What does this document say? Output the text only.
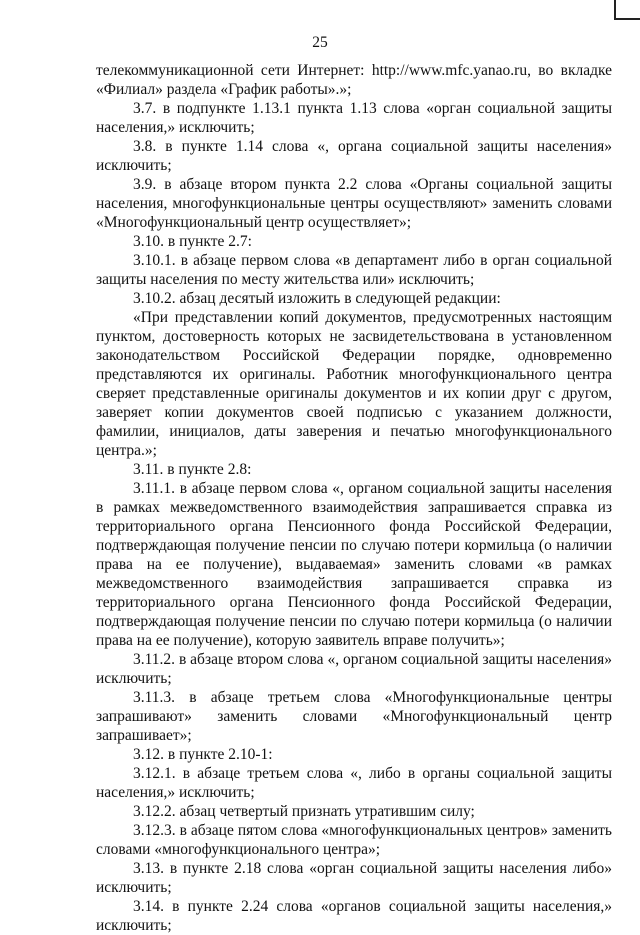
25

телекоммуникационной сети Интернет: http://www.mfc.yanao.ru, во вкладке «Филиал» раздела «График работы».»;

3.7. в подпункте 1.13.1 пункта 1.13 слова «орган социальной защиты населения,» исключить;

3.8. в пункте 1.14 слова «, органа социальной защиты населения» исключить;

3.9. в абзаце втором пункта 2.2 слова «Органы социальной защиты населения, многофункциональные центры осуществляют» заменить словами «Многофункциональный центр осуществляет»;

3.10. в пункте 2.7:

3.10.1. в абзаце первом слова «в департамент либо в орган социальной защиты населения по месту жительства или» исключить;

3.10.2. абзац десятый изложить в следующей редакции:

«При представлении копий документов, предусмотренных настоящим пунктом, достоверность которых не засвидетельствована в установленном законодательством Российской Федерации порядке, одновременно представляются их оригиналы. Работник многофункционального центра сверяет представленные оригиналы документов и их копии друг с другом, заверяет копии документов своей подписью с указанием должности, фамилии, инициалов, даты заверения и печатью многофункционального центра.»;

3.11. в пункте 2.8:

3.11.1. в абзаце первом слова «, органом социальной защиты населения в рамках межведомственного взаимодействия запрашивается справка из территориального органа Пенсионного фонда Российской Федерации, подтверждающая получение пенсии по случаю потери кормильца (о наличии права на ее получение), выдаваемая» заменить словами «в рамках межведомственного взаимодействия запрашивается справка из территориального органа Пенсионного фонда Российской Федерации, подтверждающая получение пенсии по случаю потери кормильца (о наличии права на ее получение), которую заявитель вправе получить»;

3.11.2. в абзаце втором слова «, органом социальной защиты населения» исключить;

3.11.3. в абзаце третьем слова «Многофункциональные центры запрашивают» заменить словами «Многофункциональный центр запрашивает»;

3.12. в пункте 2.10-1:

3.12.1. в абзаце третьем слова «, либо в органы социальной защиты населения,» исключить;

3.12.2. абзац четвертый признать утратившим силу;

3.12.3. в абзаце пятом слова «многофункциональных центров» заменить словами «многофункционального центра»;

3.13. в пункте 2.18 слова «орган социальной защиты населения либо» исключить;

3.14. в пункте 2.24 слова «органов социальной защиты населения,» исключить;
